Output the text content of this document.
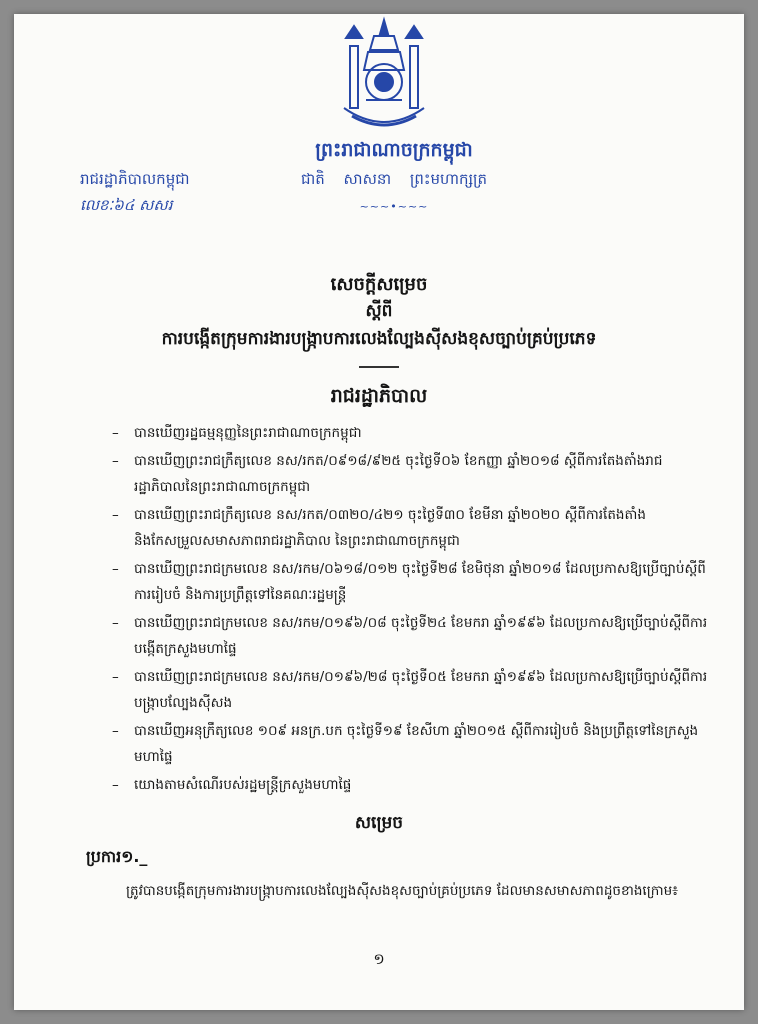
ព្រះរាជាណាចក្រកម្ពុជា
ជាតិ សាសនា ព្រះមហាក្សត្រ
~~~•~~~
រាជរដ្ឋាភិបាលកម្ពុជា
លេខៈ៦៤ សសរ
សេចក្ដីសម្រេច
ស្ដីពី
ការបង្កើតក្រុមការងារបង្ក្រាបការលេងល្បែងស៊ីសងខុសច្បាប់គ្រប់ប្រភេទ
រាជរដ្ឋាភិបាល
– បានឃើញរដ្ឋធម្មនុញ្ញនៃព្រះរាជាណាចក្រកម្ពុជា
– បានឃើញព្រះរាជក្រឹត្យលេខ នស/រកត/០៩១៨/៩២៥ ចុះថ្ងៃទី០៦ ខែកញ្ញា ឆ្នាំ២០១៨ ស្ដីពីការតែងតាំងរាជរដ្ឋាភិបាលនៃព្រះរាជាណាចក្រកម្ពុជា
– បានឃើញព្រះរាជក្រឹត្យលេខ នស/រកត/០៣២០/៤២១ ចុះថ្ងៃទី៣០ ខែមីនា ឆ្នាំ២០២០ ស្ដីពីការតែងតាំង និងកែសម្រួលសមាសភាពរាជរដ្ឋាភិបាល នៃព្រះរាជាណាចក្រកម្ពុជា
– បានឃើញព្រះរាជក្រមលេខ នស/រកម/០៦១៨/០១២ ចុះថ្ងៃទី២៨ ខែមិថុនា ឆ្នាំ២០១៨ ដែលប្រកាសឱ្យប្រើច្បាប់ស្ដីពីការរៀបចំ និងការប្រព្រឹត្តទៅនៃគណៈរដ្ឋមន្ត្រី
– បានឃើញព្រះរាជក្រមលេខ នស/រកម/០១៩៦/០៨ ចុះថ្ងៃទី២៤ ខែមករា ឆ្នាំ១៩៩៦ ដែលប្រកាសឱ្យប្រើច្បាប់ស្ដីពីការបង្កើតក្រសួងមហាផ្ទៃ
– បានឃើញព្រះរាជក្រមលេខ នស/រកម/០១៩៦/២៨ ចុះថ្ងៃទី០៥ ខែមករា ឆ្នាំ១៩៩៦ ដែលប្រកាសឱ្យប្រើច្បាប់ស្ដីពីការបង្ក្រាបល្បែងស៊ីសង
– បានឃើញអនុក្រឹត្យលេខ ១០៩ អនក្រ.បក ចុះថ្ងៃទី១៩ ខែសីហា ឆ្នាំ២០១៥ ស្ដីពីការរៀបចំ និងប្រព្រឹត្តទៅនៃក្រសួងមហាផ្ទៃ
– យោងតាមសំណើរបស់រដ្ឋមន្ត្រីក្រសួងមហាផ្ទៃ
សម្រេច
ប្រការ១._
ត្រូវបានបង្កើតក្រុមការងារបង្ក្រាបការលេងល្បែងស៊ីសងខុសច្បាប់គ្រប់ប្រភេទ ដែលមានសមាសភាពដូចខាងក្រោម៖
១
